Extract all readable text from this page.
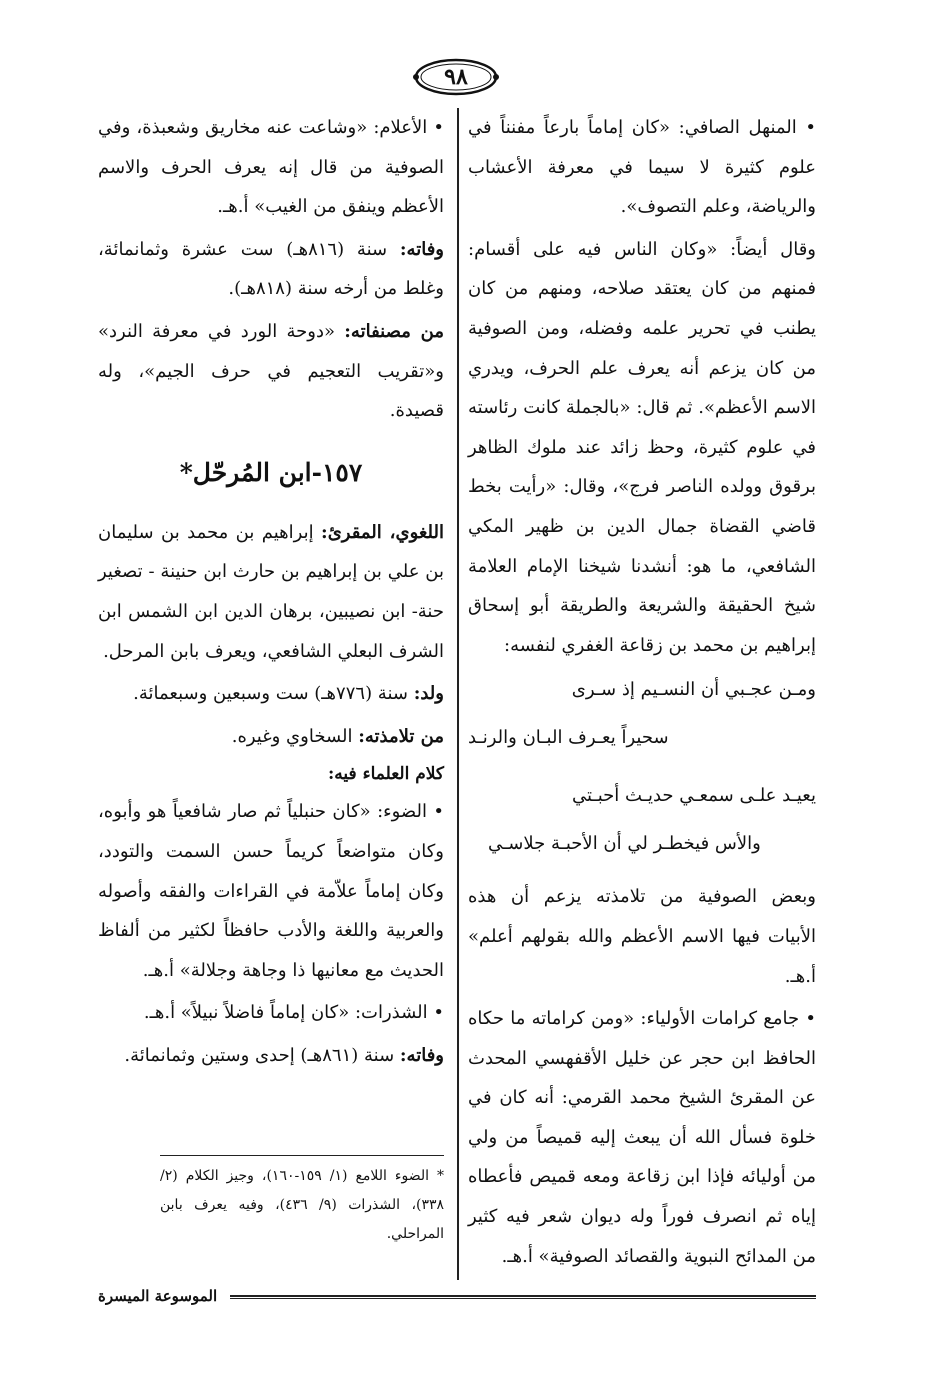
٩٨

• المنهل الصافي: «كان إماماً بارعاً مفنناً في علوم كثيرة لا سيما في معرفة الأعشاب والرياضة، وعلم التصوف».

وقال أيضاً: «وكان الناس فيه على أقسام: فمنهم من كان يعتقد صلاحه، ومنهم من كان يطنب في تحرير علمه وفضله، ومن الصوفية من كان يزعم أنه يعرف علم الحرف، ويدري الاسم الأعظم». ثم قال: «بالجملة كانت رئاسته في علوم كثيرة، وحظ زائد عند ملوك الظاهر برقوق وولده الناصر فرج»، وقال: «رأيت بخط قاضي القضاة جمال الدين بن ظهير المكي الشافعي، ما هو: أنشدنا شيخنا الإمام العلامة شيخ الحقيقة والشريعة والطريقة أبو إسحاق إبراهيم بن محمد بن زقاعة الغفري لنفسه:

ومـن عجـبي أن النسـيم إذ سـرى

سحيراً يعـرف البـان والرنـد

يعيـد علـى سمعـي حديـث أحبـتي

والأس فيخطـر لي أن الأحبـة جلاسـي

وبعض الصوفية من تلامذته يزعم أن هذه الأبيات فيها الاسم الأعظم والله بقولهم أعلم» أ.هـ.

• جامع كرامات الأولياء: «ومن كراماته ما حكاه الحافظ ابن حجر عن خليل الأقفهسي المحدث عن المقرئ الشيخ محمد القرمي: أنه كان في خلوة فسأل الله أن يبعث إليه قميصاً من ولي من أوليائه فإذا ابن زقاعة ومعه قميص فأعطاه إياه ثم انصرف فوراً وله ديوان شعر فيه كثير من المدائح النبوية والقصائد الصوفية» أ.هـ.

• الأعلام: «وشاعت عنه مخاريق وشعبذة، وفي الصوفية من قال إنه يعرف الحرف والاسم الأعظم وينفق من الغيب» أ.هـ.

وفاته: سنة (٨١٦هـ) ست عشرة وثمانمائة، وغلط من أرخه سنة (٨١٨هـ).

من مصنفاته: «دوحة الورد في معرفة النرد» و«تقريب التعجيم في حرف الجيم»، وله قصيدة.

١٥٧-ابن المُرحّل*

اللغوي، المقرئ: إبراهيم بن محمد بن سليمان بن علي بن إبراهيم بن حارث ابن حنينة - تصغير حنة- ابن نصيبين، برهان الدين ابن الشمس ابن الشرف البعلي الشافعي، ويعرف بابن المرحل.

ولد: سنة (٧٧٦هـ) ست وسبعين وسبعمائة.

من تلامذته: السخاوي وغيره.

كلام العلماء فيه:

• الضوء: «كان حنبلياً ثم صار شافعياً هو وأبوه، وكان متواضعاً كريماً حسن السمت والتودد، وكان إماماً علاّمة في القراءات والفقه وأصوله والعربية واللغة والأدب حافظاً لكثير من ألفاظ الحديث مع معانيها ذا وجاهة وجلالة» أ.هـ.

• الشذرات: «كان إماماً فاضلاً نبيلاً» أ.هـ.

وفاته: سنة (٨٦١هـ) إحدى وستين وثمانمائة.

* الضوء اللامع (١/ ١٥٩-١٦٠)، وجيز الكلام (٢/ ٣٣٨)، الشذرات (٩/ ٤٣٦)، وفيه يعرف بابن المراحلي.
الموسوعة الميسرة
